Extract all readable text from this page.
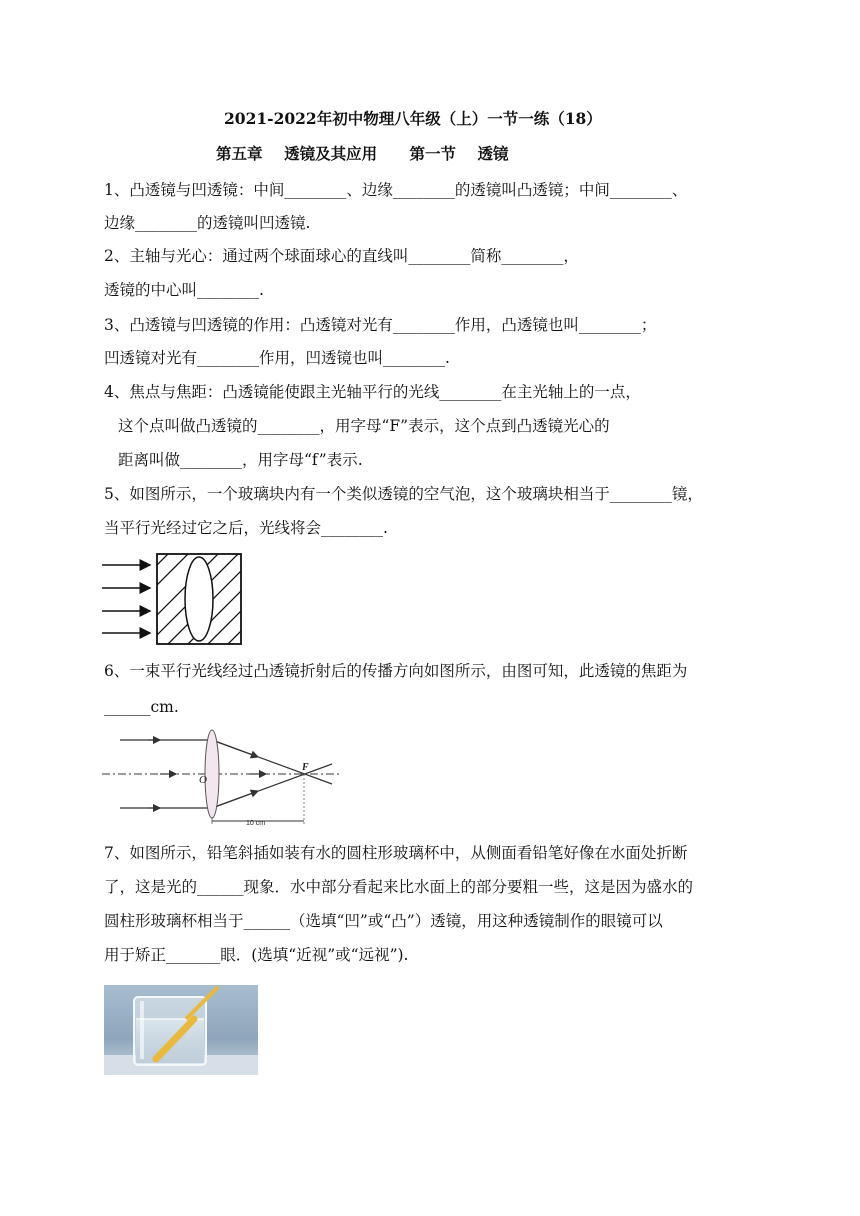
2021-2022年初中物理八年级（上）一节一练（18）
第五章    透镜及其应用      第一节    透镜
1、凸透镜与凹透镜：中间________、边缘________的透镜叫凸透镜；中间________、
边缘________的透镜叫凹透镜.
2、主轴与光心：通过两个球面球心的直线叫________简称________，
透镜的中心叫________.
3、凸透镜与凹透镜的作用：凸透镜对光有________作用，凸透镜也叫________；
凹透镜对光有________作用，凹透镜也叫________.
4、焦点与焦距：凸透镜能使跟主光轴平行的光线________在主光轴上的一点，
这个点叫做凸透镜的________，用字母“F”表示，这个点到凸透镜光心的
距离叫做________，用字母“f”表示.
5、如图所示，一个玻璃块内有一个类似透镜的空气泡，这个玻璃块相当于________镜，
当平行光经过它之后，光线将会________.
6、一束平行光线经过凸透镜折射后的传播方向如图所示，由图可知，此透镜的焦距为
______cm.
O
F
10 cm
7、如图所示，铅笔斜插如装有水的圆柱形玻璃杯中，从侧面看铅笔好像在水面处折断
了，这是光的______现象．水中部分看起来比水面上的部分要粗一些，这是因为盛水的
圆柱形玻璃杯相当于______（选填“凹”或“凸”）透镜，用这种透镜制作的眼镜可以
用于矫正_______眼．(选填“近视”或“远视”).
